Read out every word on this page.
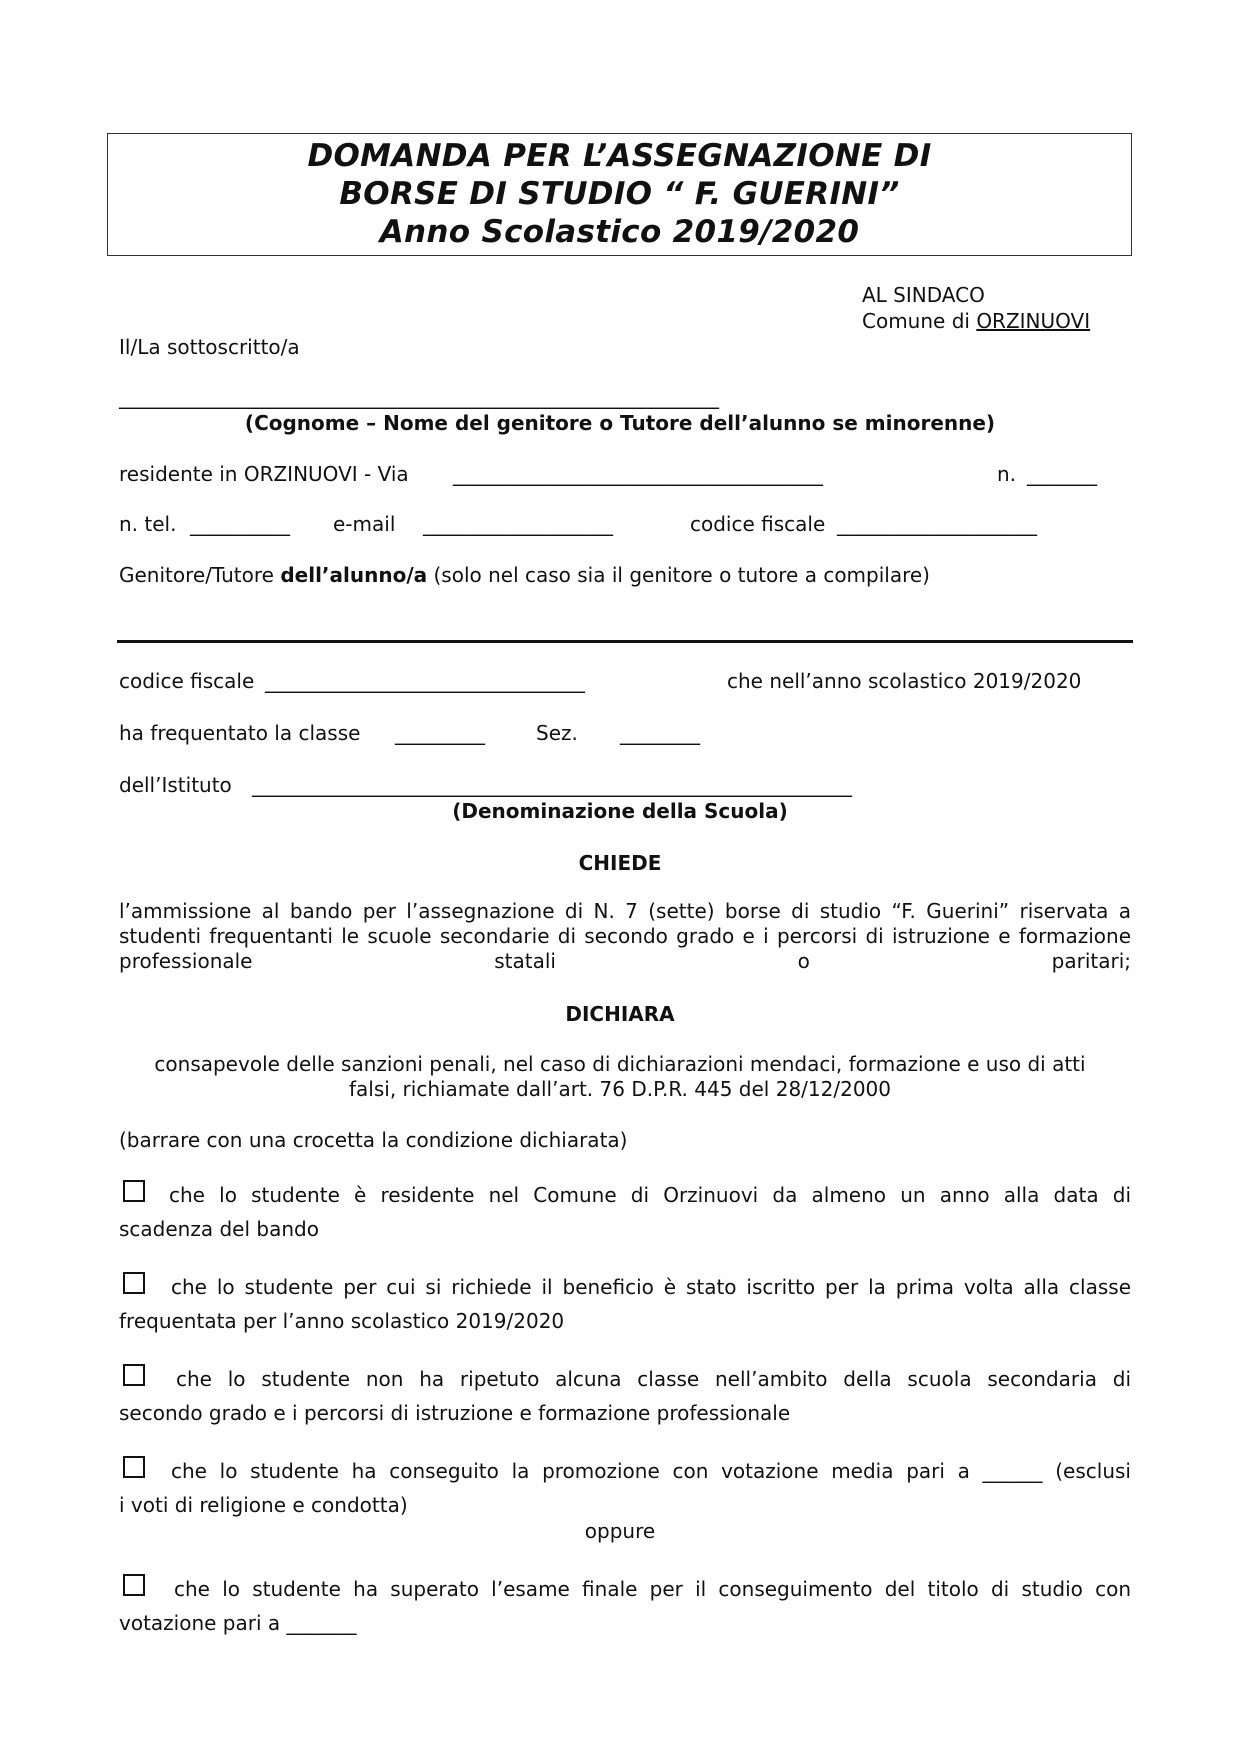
DOMANDA PER L’ASSEGNAZIONE DI
BORSE DI STUDIO “ F. GUERINI”
Anno Scolastico 2019/2020
AL SINDACO
Comune di ORZINUOVI
Il/La sottoscritto/a
____________________________________________________________
(Cognome – Nome del genitore o Tutore dell’alunno se minorenne)
residente in ORZINUOVI - Via _____________________________________	n. _______
n. tel. __________ e-mail ___________________	codice fiscale ____________________
Genitore/Tutore dell’alunno/a (solo nel caso sia il genitore o tutore a compilare)
codice fiscale ________________________________	che nell’anno scolastico 2019/2020
ha frequentato la classe _________	Sez. ________
dell’Istituto ____________________________________________________________
(Denominazione della Scuola)
CHIEDE
l’ammissione al bando per l’assegnazione di N. 7 (sette) borse di studio “F. Guerini” riservata a studenti frequentanti le scuole secondarie di secondo grado e i percorsi di istruzione e formazione professionale statali o paritari;
DICHIARA
consapevole delle sanzioni penali, nel caso di dichiarazioni mendaci, formazione e uso di atti
falsi, richiamate dall’art. 76 D.P.R. 445 del 28/12/2000
(barrare con una crocetta la condizione dichiarata)
che lo studente è residente nel Comune di Orzinuovi da almeno un anno alla data di
scadenza del bando
che lo studente per cui si richiede il beneficio è stato iscritto per la prima volta alla classe
frequentata per l’anno scolastico 2019/2020
che lo studente non ha ripetuto alcuna classe nell’ambito della scuola secondaria di
secondo grado e i percorsi di istruzione e formazione professionale
che lo studente ha conseguito la promozione con votazione media pari a ______ (esclusi
i voti di religione e condotta)
oppure
che lo studente ha superato l’esame finale per il conseguimento del titolo di studio con
votazione pari a _______
